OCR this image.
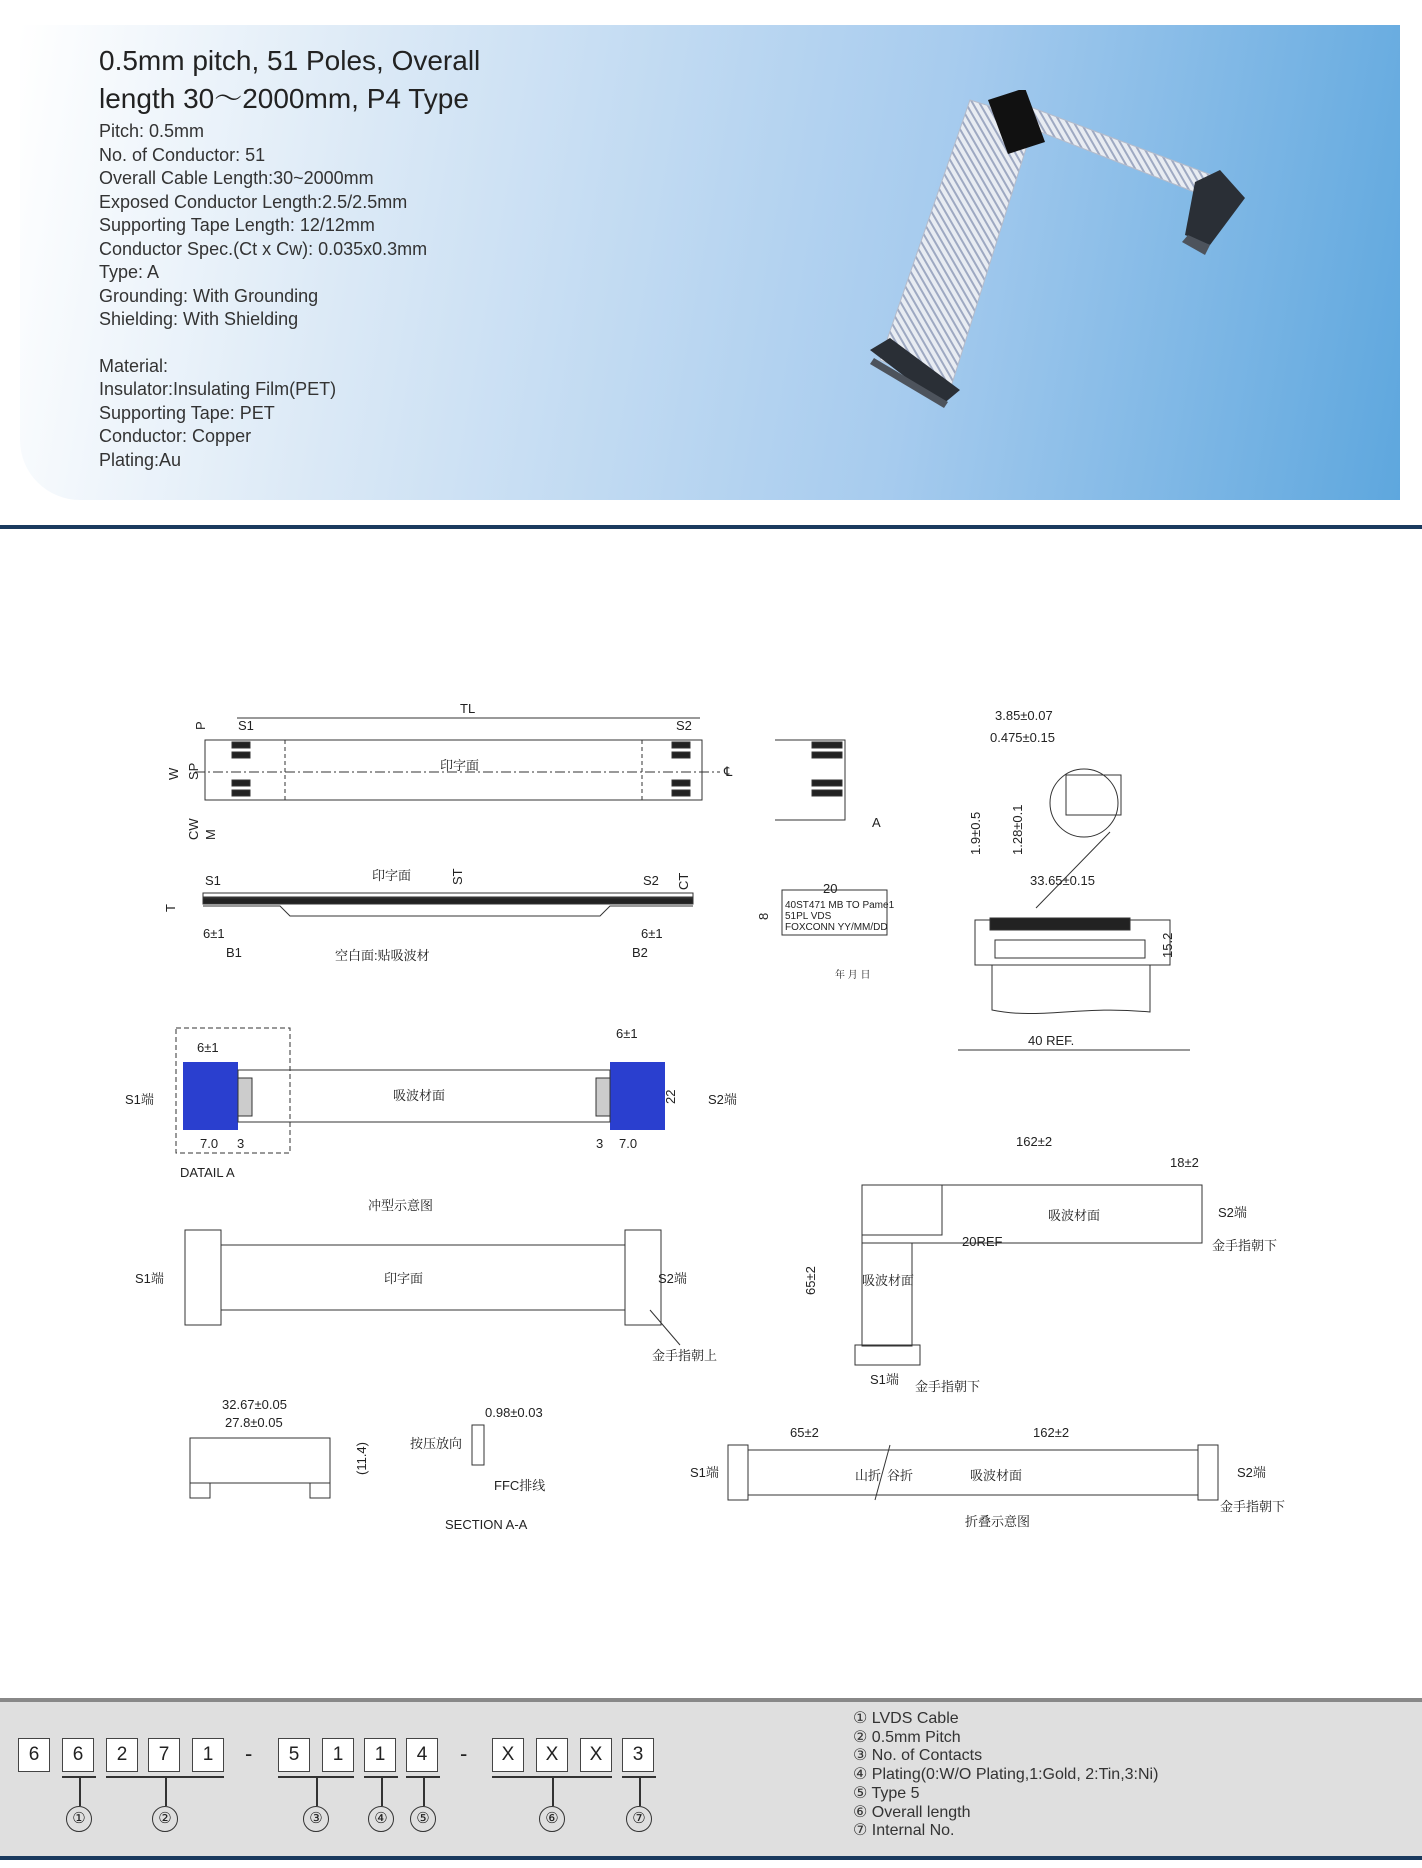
0.5mm pitch, 51 Poles, Overall
length 30～2000mm, P4 Type
Pitch: 0.5mm
No. of Conductor: 51
Overall Cable Length:30~2000mm
Exposed Conductor Length:2.5/2.5mm
Supporting Tape Length: 12/12mm
Conductor Spec.(Ct x Cw): 0.035x0.3mm
Type: A
Grounding: With Grounding
Shielding: With Shielding
Material:
Insulator:Insulating Film(PET)
Supporting Tape: PET
Conductor: Copper
Plating:Au
TL
P S1	S2
W SP
CW M
印字面	℄
S1	S2
印字面	ST	CT
T
6±1	6±1
B1	B2
空白面:贴吸波材
A
20
8
40ST471 MB TO Pame1
51PL VDS
FOXCONN YY/MM/DD
年 月 日
3.85±0.07
0.475±0.15
1.9±0.5 1.28±0.1
33.65±0.15
15.2
40 REF.
6±1
6±1
S1端	S2端
吸波材面	22
7.0 3	3 7.0
DATAIL A
冲型示意图
S1端	S2端
印字面
金手指朝上
162±2
18±2
吸波材面	S2端
金手指朝下
20REF
65±2	吸波材面
S1端 金手指朝下
32.67±0.05
27.8±0.05
(11.4)
0.98±0.03
按压放向
FFC排线
SECTION A-A
65±2	162±2
S1端	山折 谷折	吸波材面	S2端
金手指朝下
折叠示意图
6	6	2	7	1	-	5	1	1	4	-	X	X	X	3
①	②	③	④	⑤	⑥	⑦
① LVDS Cable
② 0.5mm Pitch
③ No. of Contacts
④ Plating(0:W/O Plating,1:Gold, 2:Tin,3:Ni)
⑤ Type 5
⑥ Overall length
⑦ Internal No.
